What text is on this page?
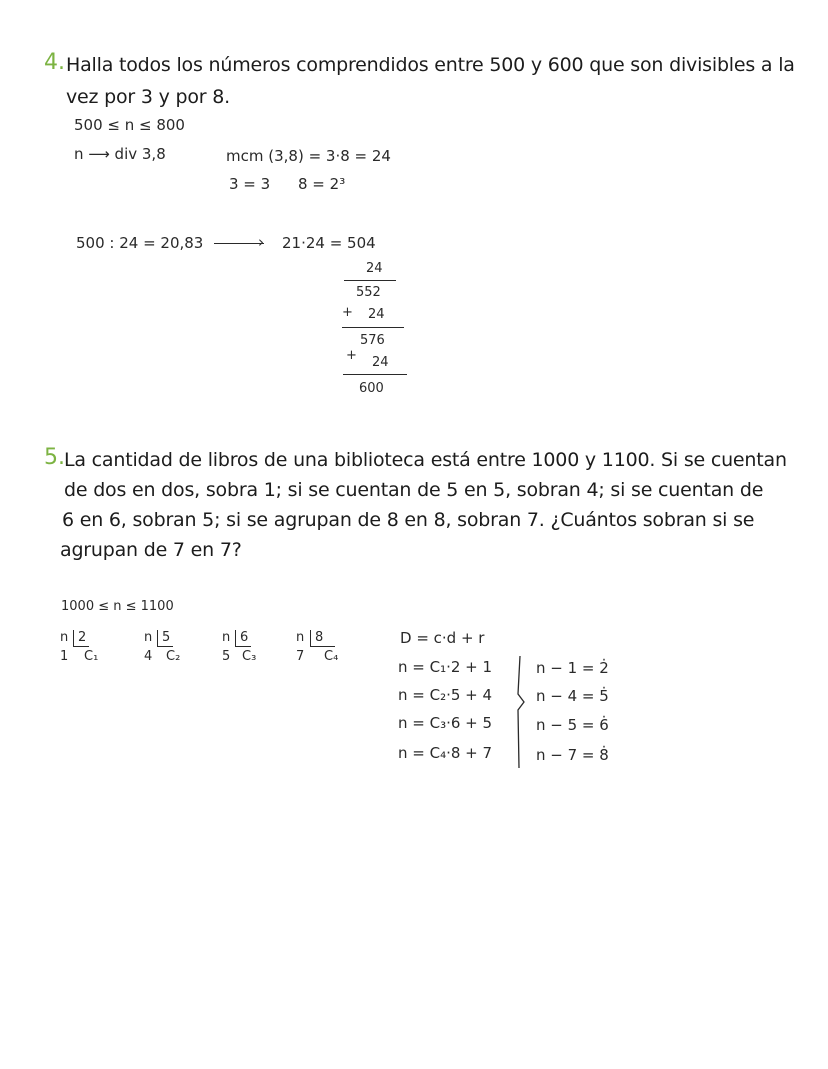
4. Halla todos los números comprendidos entre 500 y 600 que son divisibles a la
vez por 3 y por 8.
500 ≤ n ≤ 800
n ⟶ div 3,8	mcm (3,8) = 3·8 = 24
3 = 3 8 = 2³
500 : 24 = 20,83	› 21·24 = 504
24
552
+ 24
576
+ 24
600
5. La cantidad de libros de una biblioteca está entre 1000 y 1100. Si se cuentan
de dos en dos, sobra 1; si se cuentan de 5 en 5, sobran 4; si se cuentan de
6 en 6, sobran 5; si se agrupan de 8 en 8, sobran 7. ¿Cuántos sobran si se
agrupan de 7 en 7?
1000 ≤ n ≤ 1100
n 2
1 C₁
n 5
4 C₂
n 6
5 C₃
n 8
7 C₄
D = c·d + r
n = C₁·2 + 1
n = C₂·5 + 4
n = C₃·6 + 5
n = C₄·8 + 7
n − 1 = 2̇
n − 4 = 5̇
n − 5 = 6̇
n − 7 = 8̇
